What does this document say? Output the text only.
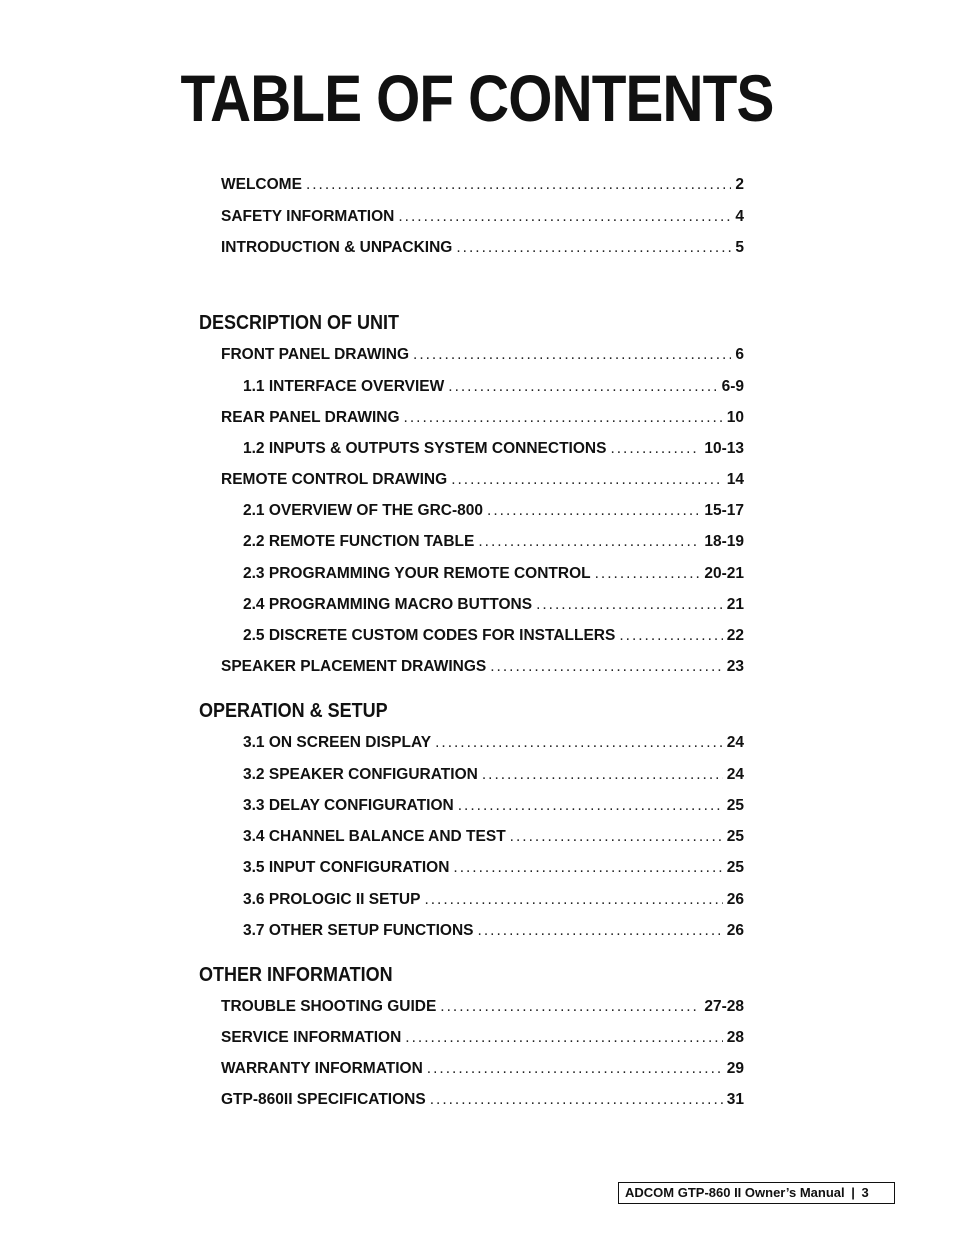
TABLE OF CONTENTS
WELCOME .....	2
SAFETY INFORMATION .....	4
INTRODUCTION & UNPACKING .....	5
DESCRIPTION OF UNIT
FRONT PANEL DRAWING .....	6
1.1 INTERFACE OVERVIEW .....	6-9
REAR PANEL DRAWING .....	10
1.2 INPUTS & OUTPUTS SYSTEM CONNECTIONS .....	10-13
REMOTE CONTROL DRAWING .....	14
2.1 OVERVIEW OF THE GRC-800 .....	15-17
2.2 REMOTE FUNCTION TABLE .....	18-19
2.3 PROGRAMMING YOUR REMOTE CONTROL .....	20-21
2.4 PROGRAMMING MACRO BUTTONS .....	21
2.5 DISCRETE CUSTOM CODES FOR INSTALLERS .....	22
SPEAKER PLACEMENT DRAWINGS .....	23
OPERATION & SETUP
3.1 ON SCREEN DISPLAY .....	24
3.2 SPEAKER CONFIGURATION .....	24
3.3 DELAY CONFIGURATION .....	25
3.4 CHANNEL BALANCE AND TEST .....	25
3.5 INPUT CONFIGURATION .....	25
3.6 PROLOGIC II SETUP .....	26
3.7 OTHER SETUP FUNCTIONS .....	26
OTHER INFORMATION
TROUBLE SHOOTING GUIDE .....	27-28
SERVICE INFORMATION .....	28
WARRANTY INFORMATION .....	29
GTP-860II SPECIFICATIONS .....	31
ADCOM GTP-860 II Owner’s Manual | 3
